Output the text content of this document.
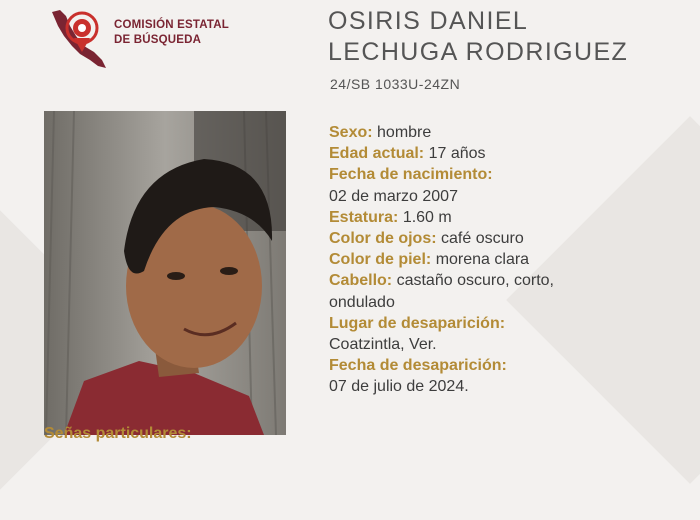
COMISIÓN ESTATAL
DE BÚSQUEDA
OSIRIS DANIEL
LECHUGA RODRIGUEZ
24/SB 1033U-24ZN
Sexo: hombre
Edad actual: 17 años
Fecha de nacimiento:
02 de marzo 2007
Estatura: 1.60 m
Color de ojos: café oscuro
Color de piel: morena clara
Cabello: castaño oscuro, corto,
ondulado
Lugar de desaparición:
Coatzintla, Ver.
Fecha de desaparición:
07 de julio de 2024.
Señas particulares:
